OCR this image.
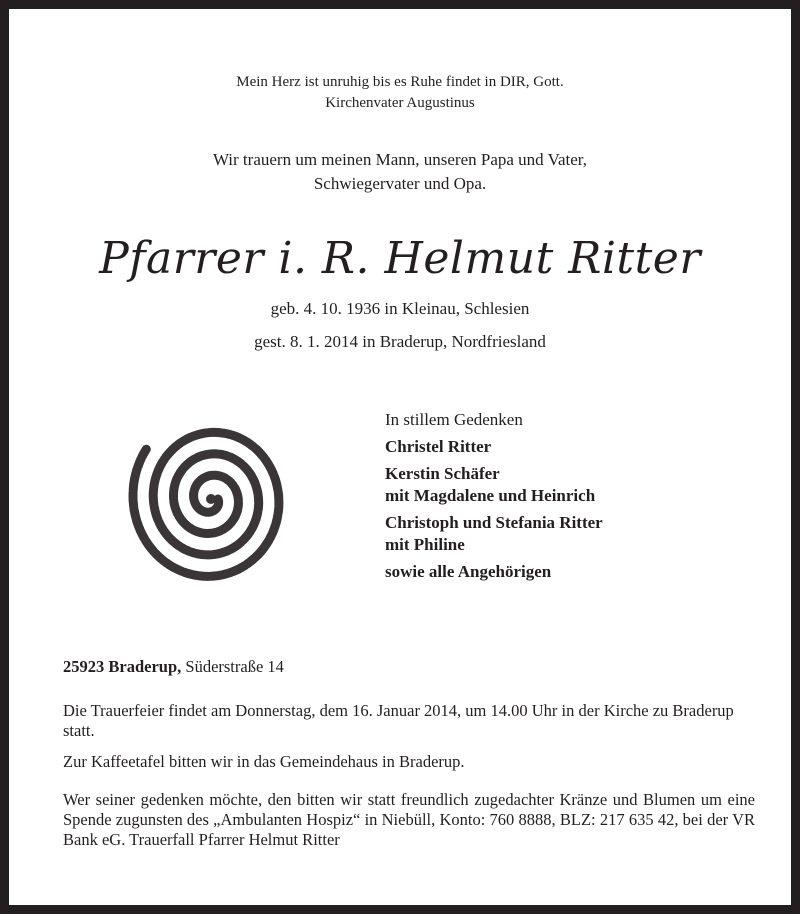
Mein Herz ist unruhig bis es Ruhe findet in DIR, Gott.
Kirchenvater Augustinus
Wir trauern um meinen Mann, unseren Papa und Vater,
Schwiegervater und Opa.
Pfarrer i. R. Helmut Ritter
geb. 4. 10. 1936 in Kleinau, Schlesien
gest. 8. 1. 2014 in Braderup, Nordfriesland
In stillem Gedenken
Christel Ritter
Kerstin Schäfer
mit Magdalene und Heinrich
Christoph und Stefania Ritter
mit Philine
sowie alle Angehörigen
25923 Braderup, Süderstraße 14
Die Trauerfeier findet am Donnerstag, dem 16. Januar 2014, um 14.00 Uhr in der Kirche zu Braderup statt.
Zur Kaffeetafel bitten wir in das Gemeindehaus in Braderup.
Wer seiner gedenken möchte, den bitten wir statt freundlich zugedachter Kränze und Blumen um eine Spende zugunsten des „Ambulanten Hospiz“ in Niebüll, Konto: 760 8888, BLZ: 217 635 42, bei der VR Bank eG. Trauerfall Pfarrer Helmut Ritter
